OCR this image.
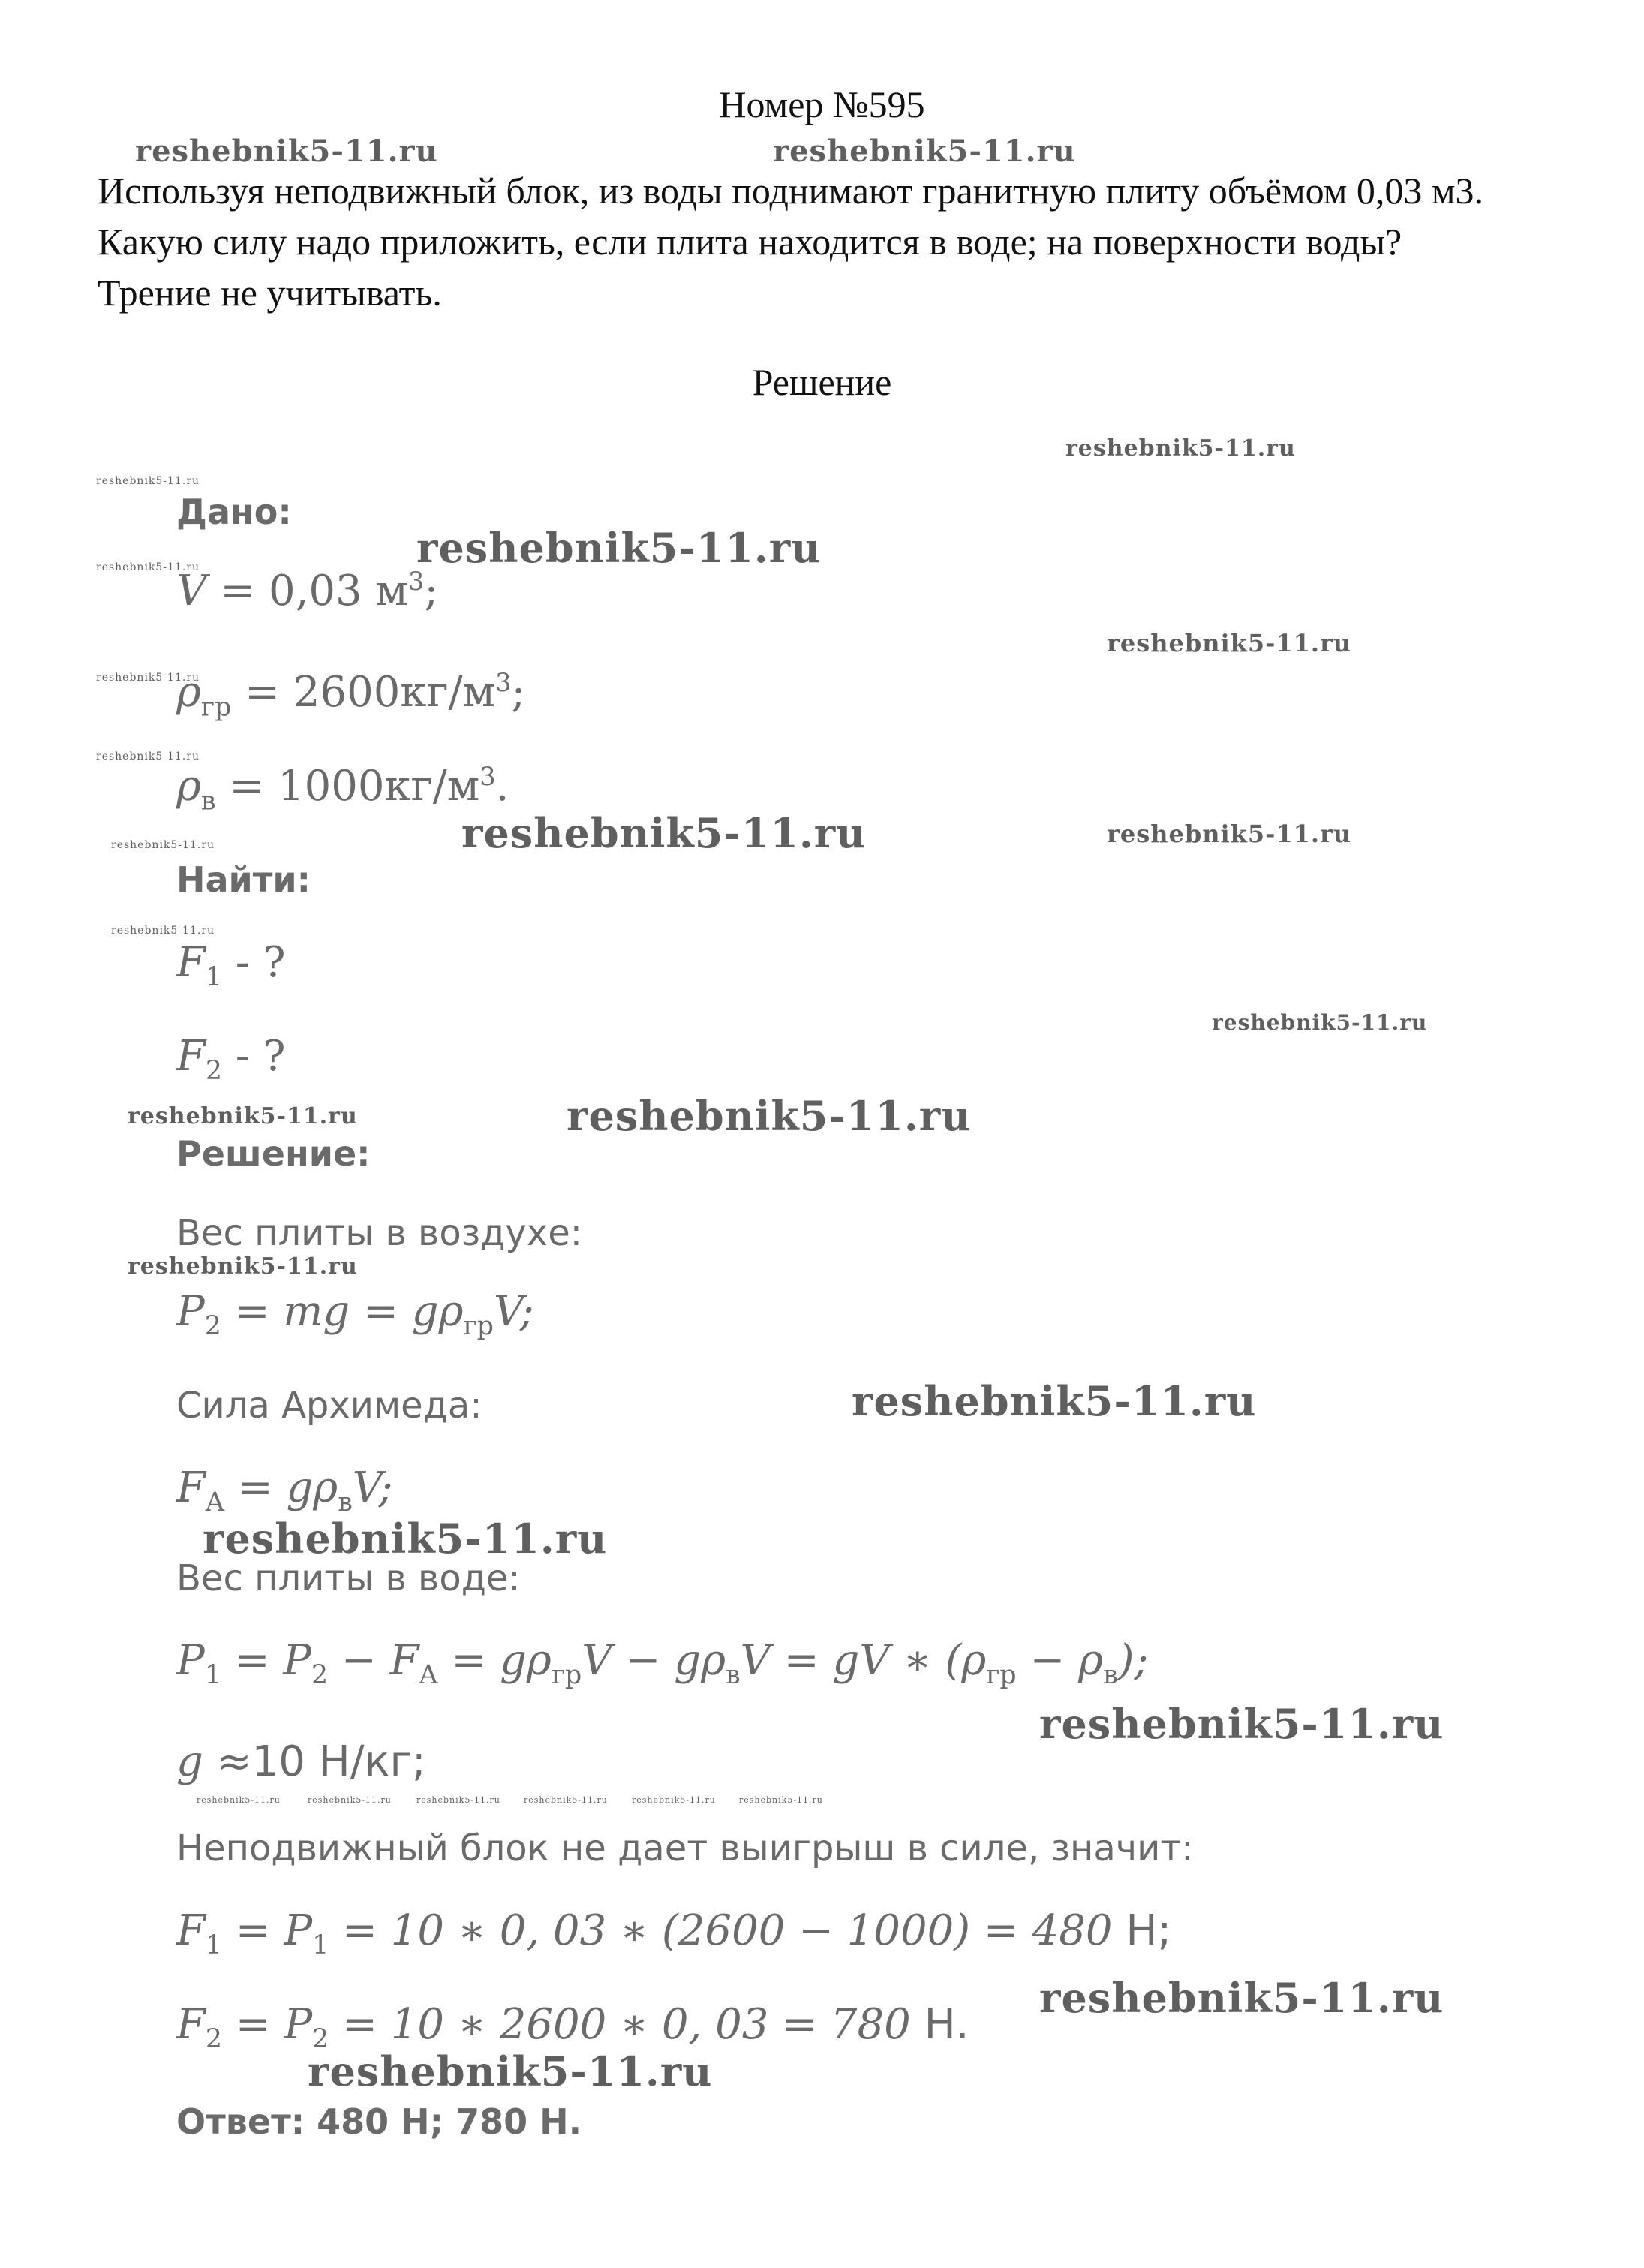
Номер №595
Используя неподвижный блок, из воды поднимают гранитную плиту объёмом 0,03 м3. Какую силу надо приложить, если плита находится в воде; на поверхности воды? Трение не учитывать.
Решение
Дано:
V = 0,03 $м^3$;
$\rho_{гр} = 2600кг/м^3$;
$\rho_в = 1000кг/м^3$.
Найти:
$F_1$ - ?
$F_2$ - ?
Решение:
Вес плиты в воздухе:
$P_2$ = mg = $g\rho_{гр}V$;
Сила Архимеда:
$F_A = g\rho_вV$;
Вес плиты в воде:
$P_1 = P_2 - F_A = g\rho_{гр}V - g\rho_вV$ = gV ∗ $(\rho_{гр} - \rho_в)$;
g ≈10 Н/кг;
Неподвижный блок не дает выигрыш в силе, значит:
$F_1 = P_1 = 10$ ∗ 0, 03 ∗ (2600 − 1000) = 480 Н;
$F_2 = P_2 = 10$ ∗ 2600 ∗ 0, 03 = 780 Н.
Ответ: 480 Н; 780 Н.
reshebnik5-11.ru	reshebnik5-11.ru
reshebnik5-11.ru
reshebnik5-11.ru
reshebnik5-11.ru
reshebnik5-11.ru
reshebnik5-11.ru
reshebnik5-11.ru
reshebnik5-11.ru
reshebnik5-11.ru	reshebnik5-11.ru
reshebnik5-11.ru
reshebnik5-11.ru
reshebnik5-11.ru
reshebnik5-11.ru	reshebnik5-11.ru
reshebnik5-11.ru
reshebnik5-11.ru
reshebnik5-11.ru
reshebnik5-11.ru
reshebnik5-11.ru	reshebnik5-11.ru	reshebnik5-11.ru	reshebnik5-11.ru	reshebnik5-11.ru	reshebnik5-11.ru
reshebnik5-11.ru
reshebnik5-11.ru
